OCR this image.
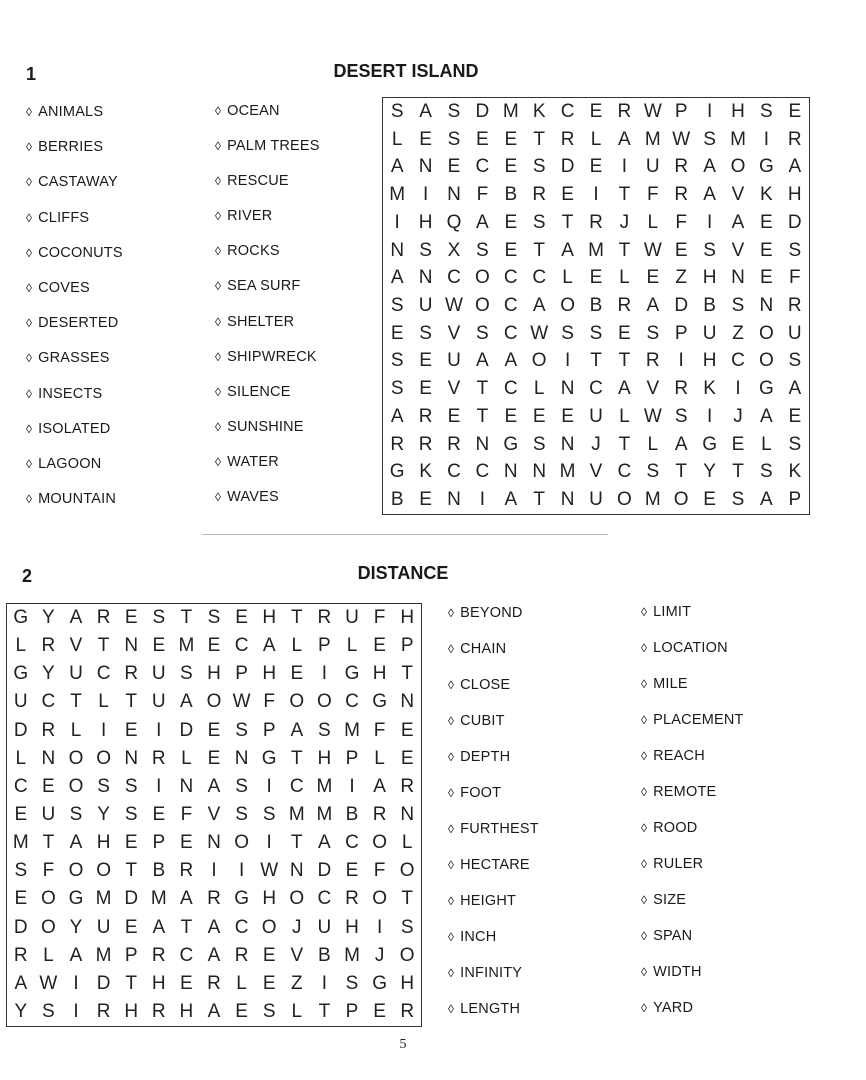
1	DESERT ISLAND
◊ ANIMALS
◊ BERRIES
◊ CASTAWAY
◊ CLIFFS
◊ COCONUTS
◊ COVES
◊ DESERTED
◊ GRASSES
◊ INSECTS
◊ ISOLATED
◊ LAGOON
◊ MOUNTAIN
◊ OCEAN
◊ PALM TREES
◊ RESCUE
◊ RIVER
◊ ROCKS
◊ SEA SURF
◊ SHELTER
◊ SHIPWRECK
◊ SILENCE
◊ SUNSHINE
◊ WATER
◊ WAVES
S A S D M K C E R W P	I H S E
L E S E E T R L A M W S M I R
A N E C E S D E	I U R A O G A
M I N F B R E	I	T F R A V K H
I H Q A E S T R J L F	I	A E D
N S X S E T A M T W E S V E S
A N C O C C L E L E Z H N E F
S U W O C A O B R A D B S N R
E S V S C W S S E S P U Z O U
S E U A A O I	T T R I H C O S
S E V T C L N C A V R K	I G A
A R E T E E E U L W S	I	J A E
R R R N G S N J T L A G E L S
G K C C N N M V C S T Y T S K
B E N I	A T N U O M O E S A P
2	DISTANCE
G Y A R E S T S E H T R U F H
L R V T N E M E C A L P L E P
G Y U C R U S H P H E I G H T
U C T L T U A O W F O O C G N
D R L	I E I D E S P A S M F E
L N O O N R L E N G T H P L E
C E O S S I N A S I C M I A R
E U S Y S E F V S S M M B R N
M T A H E P E N O I	T A C O L
S F O O T B R I	I W N D E F O
E O G M D M A R G H O C R O T
D O Y U E A T A C O J U H I S
R L A M P R C A R E V B M J O
A W I D T H E R L E Z	I S G H
Y S I R H R H A E S L T P E R
◊ BEYOND
◊ CHAIN
◊ CLOSE
◊ CUBIT
◊ DEPTH
◊ FOOT
◊ FURTHEST
◊ HECTARE
◊ HEIGHT
◊ INCH
◊ INFINITY
◊ LENGTH
◊ LIMIT
◊ LOCATION
◊ MILE
◊ PLACEMENT
◊ REACH
◊ REMOTE
◊ ROOD
◊ RULER
◊ SIZE
◊ SPAN
◊ WIDTH
◊ YARD
5
